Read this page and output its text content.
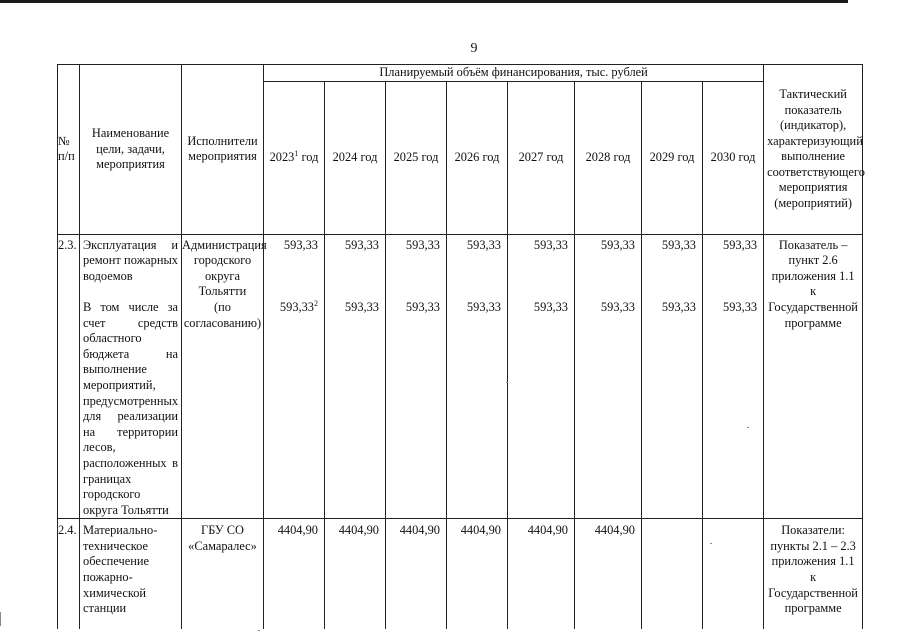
9
№ п/п	Наименование цели, задачи, мероприятия	Исполнители мероприятия	Планируемый объём финансирования, тыс. рублей								Тактический показатель (индикатор), характеризующий выполнение соответствующего мероприятия (мероприятий)
			2023$^1$ год	2024 год	2025 год	2026 год	2027 год	2028 год	2029 год	2030 год	
2.3.	Эксплуатация и ремонт пожарных водоемов	Администрация городского округа Тольятти	593,33	593,33	593,33	593,33	593,33	593,33	593,33	593,33	Показатель – пункт 2.6 приложения 1.1 к Государственной программе
	В том числе за счет средств областного бюджета на выполнение мероприятий, предусмотренных для реализации на территории лесов, расположенных в границах городского округа Тольятти	(по согласованию)	593,33$^2$	593,33	593,33	593,33	593,33	593,33	593,33	593,33	
2.4.	Материально-техническое обеспечение пожарно-химической станции	ГБУ СО «Самаралес»	4404,90	4404,90	4404,90	4404,90	4404,90	4404,90			Показатели: пункты 2.1 – 2.3 приложения 1.1 к Государственной программе
